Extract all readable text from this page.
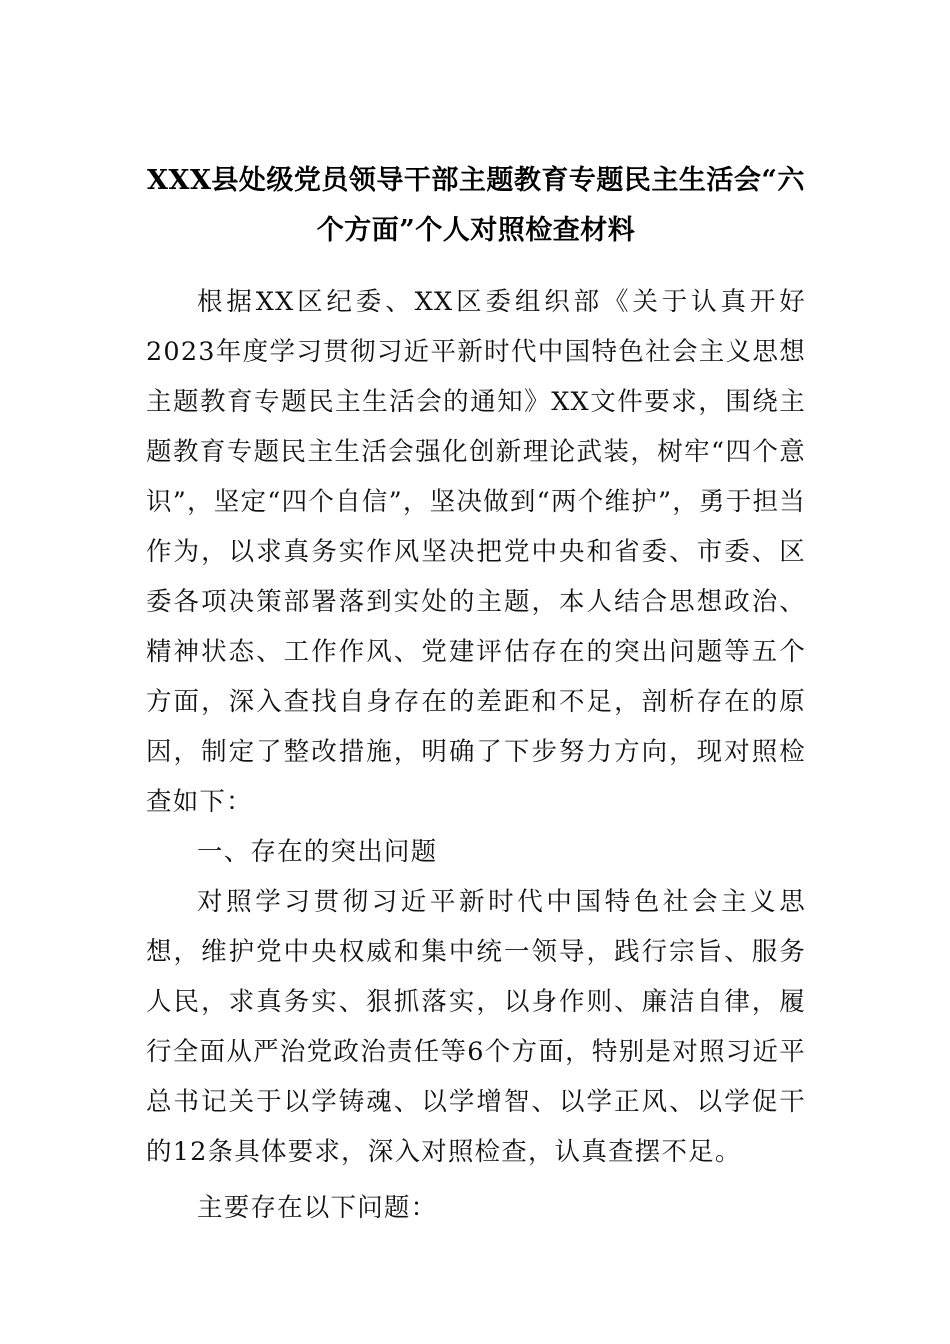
XXX县处级党员领导干部主题教育专题民主生活会“六个方面”个人对照检查材料

根据XX区纪委、XX区委组织部《关于认真开好2023年度学习贯彻习近平新时代中国特色社会主义思想主题教育专题民主生活会的通知》XX文件要求，围绕主题教育专题民主生活会强化创新理论武装，树牢“四个意识”，坚定“四个自信”，坚决做到“两个维护”，勇于担当作为，以求真务实作风坚决把党中央和省委、市委、区委各项决策部署落到实处的主题，本人结合思想政治、精神状态、工作作风、党建评估存在的突出问题等五个方面，深入查找自身存在的差距和不足，剖析存在的原因，制定了整改措施，明确了下步努力方向，现对照检查如下：

一、存在的突出问题

对照学习贯彻习近平新时代中国特色社会主义思想，维护党中央权威和集中统一领导，践行宗旨、服务人民，求真务实、狠抓落实，以身作则、廉洁自律，履行全面从严治党政治责任等6个方面，特别是对照习近平总书记关于以学铸魂、以学增智、以学正风、以学促干的12条具体要求，深入对照检查，认真查摆不足。

主要存在以下问题：
